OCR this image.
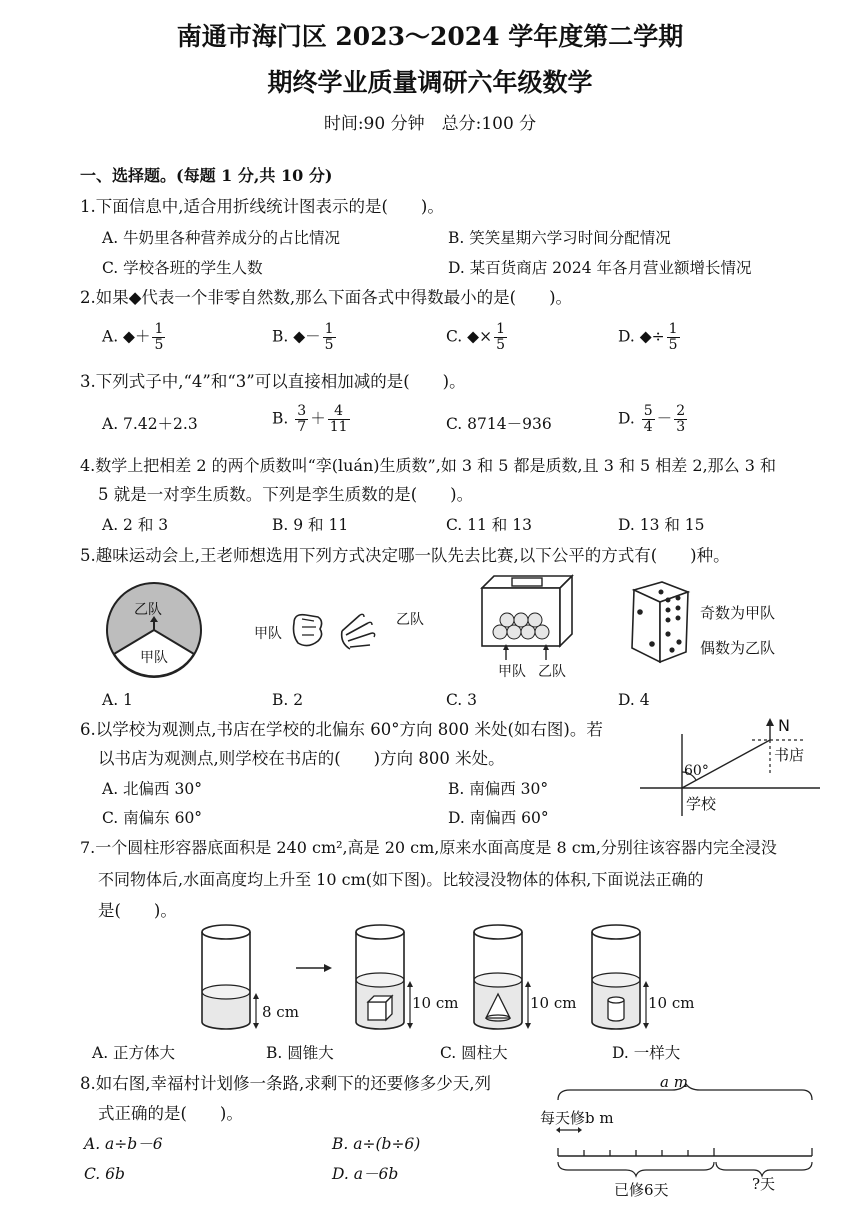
南通市海门区 2023～2024 学年度第二学期
期终学业质量调研六年级数学
时间:90 分钟　总分:100 分
一、选择题。(每题 1 分,共 10 分)
1.下面信息中,适合用折线统计图表示的是(　　)。
A. 牛奶里各种营养成分的占比情况	B. 笑笑星期六学习时间分配情况
C. 学校各班的学生人数	D. 某百货商店 2024 年各月营业额增长情况
2.如果◆代表一个非零自然数,那么下面各式中得数最小的是(　　)。
A. ◆＋ $\frac{1}{5}$	B. ◆－ $\frac{1}{5}$	C. ◆× $\frac{1}{5}$	D. ◆÷ $\frac{1}{5}$
3.下列式子中,“4”和“3”可以直接相加减的是(　　)。
A. 7.42＋2.3	B. $\frac{3}{7} + \frac{4}{11}$	C. 8714－936	D. $\frac{5}{4} - \frac{2}{3}$
4.数学上把相差 2 的两个质数叫“孪(luán)生质数”,如 3 和 5 都是质数,且 3 和 5 相差 2,那么 3 和
5 就是一对孪生质数。下列是孪生质数的是(　　)。
A. 2 和 3	B. 9 和 11	C. 11 和 13	D. 13 和 15
5.趣味运动会上,王老师想选用下列方式决定哪一队先去比赛,以下公平的方式有(　　)种。
乙队
甲队
甲队
乙队
甲队 乙队
奇数为甲队
偶数为乙队
A. 1	B. 2	C. 3	D. 4
6.以学校为观测点,书店在学校的北偏东 60°方向 800 米处(如右图)。若
以书店为观测点,则学校在书店的(　　)方向 800 米处。
A. 北偏西 30°	B. 南偏西 30°
C. 南偏东 60°	D. 南偏西 60°
N
60°
书店
学校
7.一个圆柱形容器底面积是 240 cm²,高是 20 cm,原来水面高度是 8 cm,分别往该容器内完全浸没
不同物体后,水面高度均上升至 10 cm(如下图)。比较浸没物体的体积,下面说法正确的
是(　　)。
8 cm	10 cm	10 cm	10 cm
A. 正方体大	B. 圆锥大	C. 圆柱大	D. 一样大
8.如右图,幸福村计划修一条路,求剩下的还要修多少天,列
式正确的是(　　)。
A. a÷b－6	B. a÷(b÷6)
C. 6b	D. a－6b
a m
每天修b m
已修6天	?天
